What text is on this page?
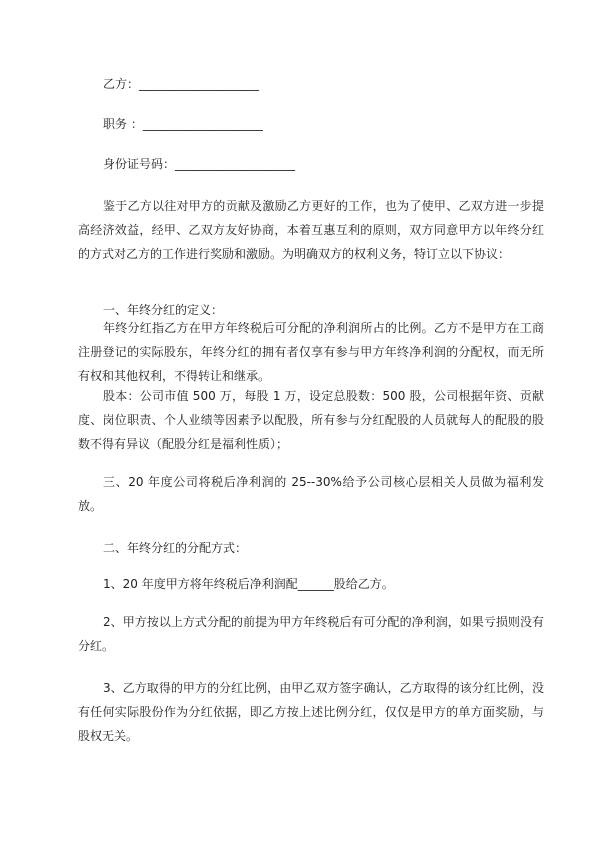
乙方：____________________
职务 ：____________________
身份证号码：____________________
鉴于乙方以往对甲方的贡献及激励乙方更好的工作，也为了使甲、乙双方进一步提高经济效益，经甲、乙双方友好协商，本着互惠互利的原则，双方同意甲方以年终分红的方式对乙方的工作进行奖励和激励。为明确双方的权利义务，特订立以下协议：
一、年终分红的定义：
年终分红指乙方在甲方年终税后可分配的净利润所占的比例。乙方不是甲方在工商注册登记的实际股东，年终分红的拥有者仅享有参与甲方年终净利润的分配权，而无所有权和其他权利，不得转让和继承。
股本：公司市值 500 万，每股 1 万，设定总股数：500 股，公司根据年资、贡献度、岗位职责、个人业绩等因素予以配股，所有参与分红配股的人员就每人的配股的股数不得有异议（配股分红是福利性质）；
三、20 年度公司将税后净利润的 25--30%给予公司核心层相关人员做为福利发放。
二、年终分红的分配方式：
1、20 年度甲方将年终税后净利润配______股给乙方。
2、甲方按以上方式分配的前提为甲方年终税后有可分配的净利润，如果亏损则没有分红。
3、乙方取得的甲方的分红比例，由甲乙双方签字确认，乙方取得的该分红比例，没有任何实际股份作为分红依据，即乙方按上述比例分红，仅仅是甲方的单方面奖励，与股权无关。
